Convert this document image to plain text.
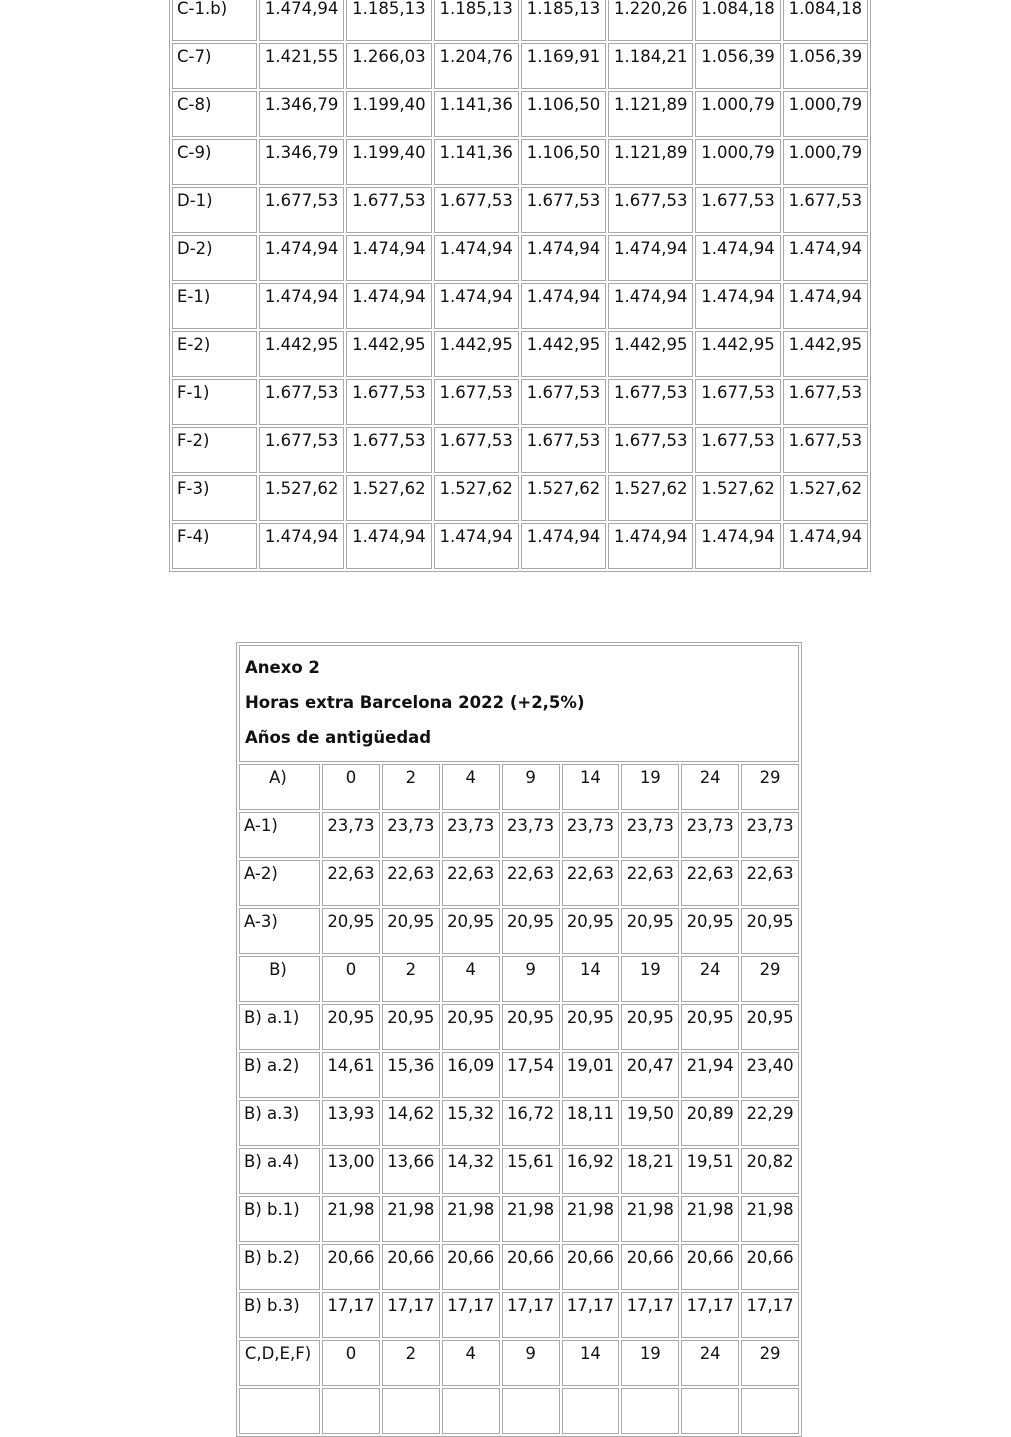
C-1.b)	1.474,94	1.185,13	1.185,13	1.185,13	1.220,26	1.084,18	1.084,18
C-7)	1.421,55	1.266,03	1.204,76	1.169,91	1.184,21	1.056,39	1.056,39
C-8)	1.346,79	1.199,40	1.141,36	1.106,50	1.121,89	1.000,79	1.000,79
C-9)	1.346,79	1.199,40	1.141,36	1.106,50	1.121,89	1.000,79	1.000,79
D-1)	1.677,53	1.677,53	1.677,53	1.677,53	1.677,53	1.677,53	1.677,53
D-2)	1.474,94	1.474,94	1.474,94	1.474,94	1.474,94	1.474,94	1.474,94
E-1)	1.474,94	1.474,94	1.474,94	1.474,94	1.474,94	1.474,94	1.474,94
E-2)	1.442,95	1.442,95	1.442,95	1.442,95	1.442,95	1.442,95	1.442,95
F-1)	1.677,53	1.677,53	1.677,53	1.677,53	1.677,53	1.677,53	1.677,53
F-2)	1.677,53	1.677,53	1.677,53	1.677,53	1.677,53	1.677,53	1.677,53
F-3)	1.527,62	1.527,62	1.527,62	1.527,62	1.527,62	1.527,62	1.527,62
F-4)	1.474,94	1.474,94	1.474,94	1.474,94	1.474,94	1.474,94	1.474,94
Anexo 2
Horas extra Barcelona 2022 (+2,5%)
Años de antigüedad								

A)	0	2	4	9	14	19	24	29
A-1)	23,73	23,73	23,73	23,73	23,73	23,73	23,73	23,73
A-2)	22,63	22,63	22,63	22,63	22,63	22,63	22,63	22,63
A-3)	20,95	20,95	20,95	20,95	20,95	20,95	20,95	20,95
B)	0	2	4	9	14	19	24	29
B) a.1)	20,95	20,95	20,95	20,95	20,95	20,95	20,95	20,95
B) a.2)	14,61	15,36	16,09	17,54	19,01	20,47	21,94	23,40
B) a.3)	13,93	14,62	15,32	16,72	18,11	19,50	20,89	22,29
B) a.4)	13,00	13,66	14,32	15,61	16,92	18,21	19,51	20,82
B) b.1)	21,98	21,98	21,98	21,98	21,98	21,98	21,98	21,98
B) b.2)	20,66	20,66	20,66	20,66	20,66	20,66	20,66	20,66
B) b.3)	17,17	17,17	17,17	17,17	17,17	17,17	17,17	17,17
C,D,E,F)	0	2	4	9	14	19	24	29
